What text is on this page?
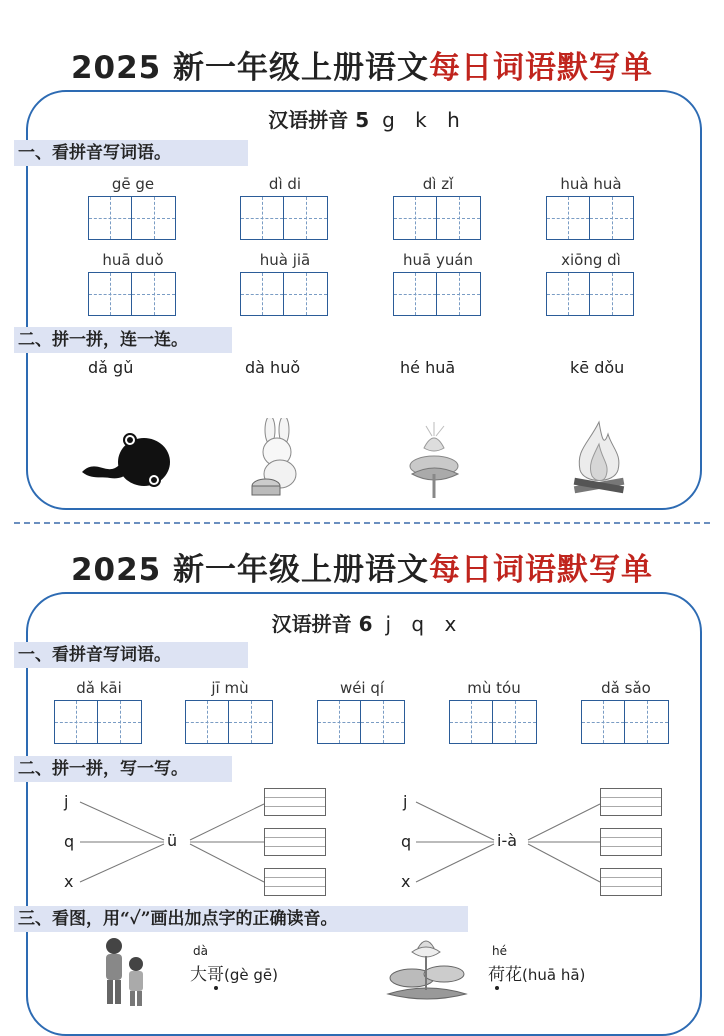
2025 新一年级上册语文每日词语默写单
汉语拼音 5 g k h
一、看拼音写词语。
gē ge	dì di	dì zǐ	huà huà
huā duǒ	huà jiā	huā yuán	xiōng dì
二、拼一拼，连一连。
dǎ gǔ	dà huǒ	hé huā	kē dǒu
2025 新一年级上册语文每日词语默写单
汉语拼音 6 j q x
一、看拼音写词语。
dǎ kāi	jī mù	wéi qí	mù tóu	dǎ sǎo
二、拼一拼，写一写。
j
q
x
ü
j
q
x
i-à
三、看图，用“✓”画出加点字的正确读音。
dà
大哥(gè gē)
hé
荷花(huā hā)
